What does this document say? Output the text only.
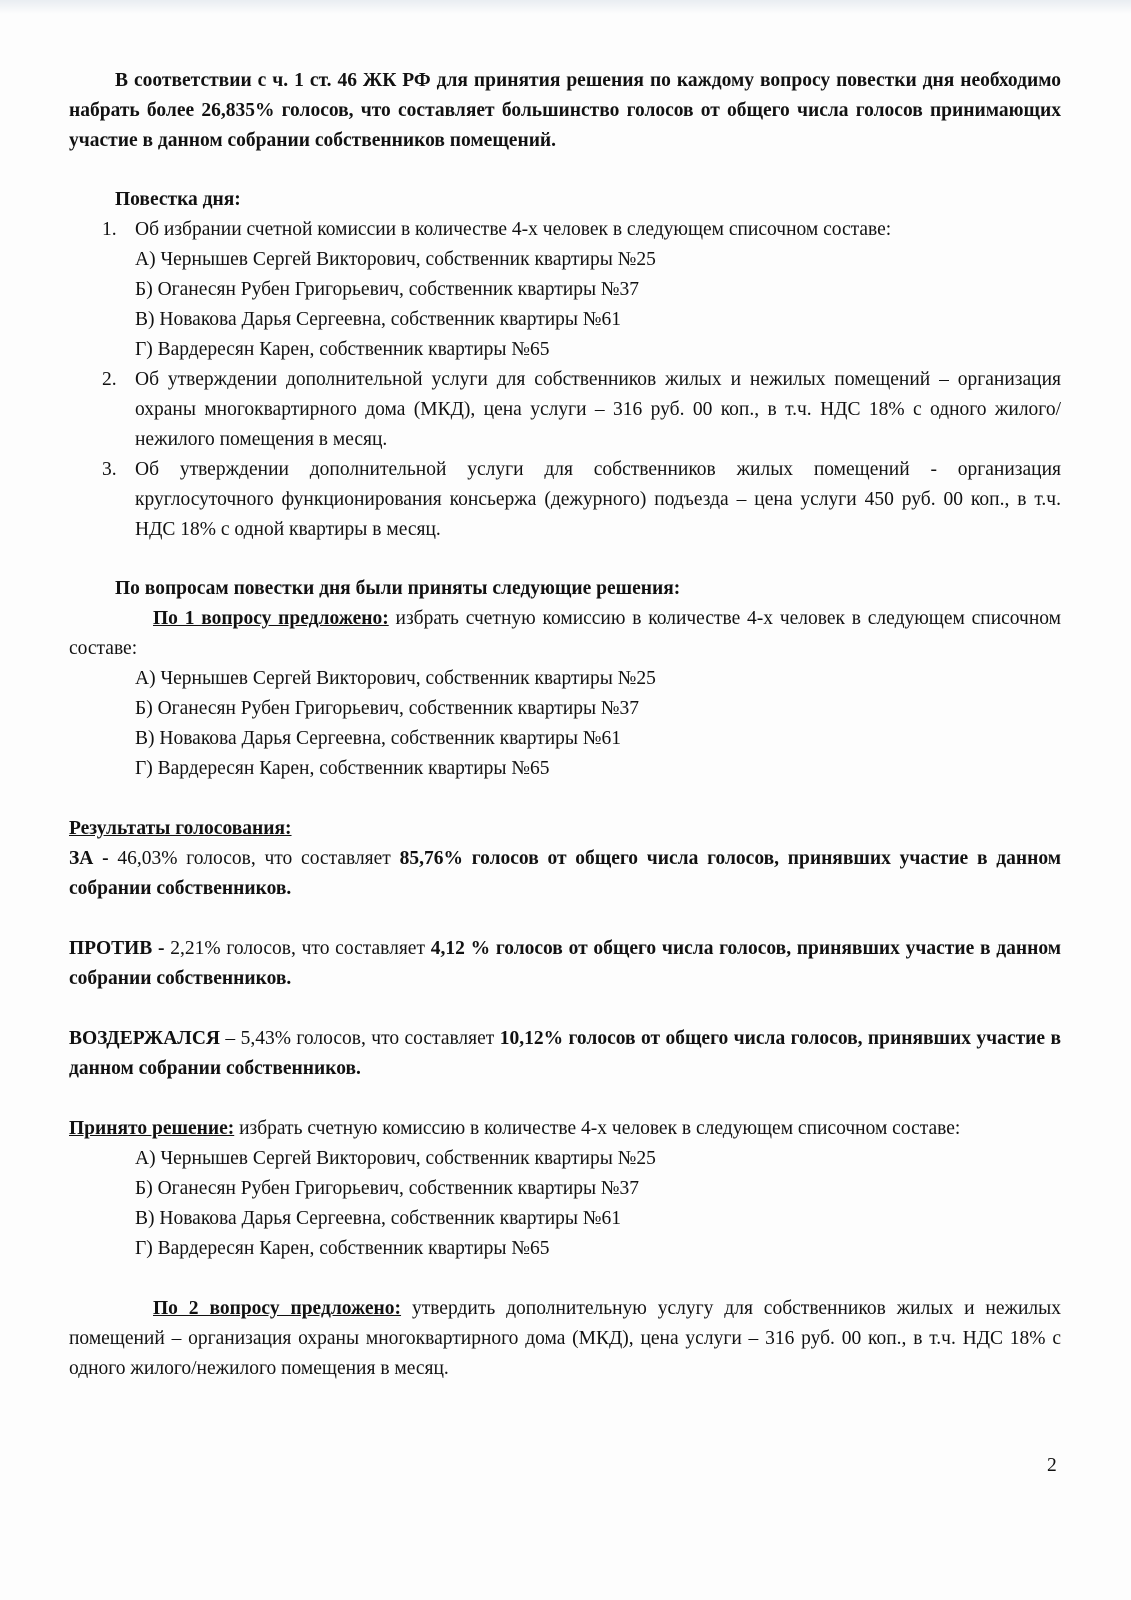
В соответствии с ч. 1 ст. 46 ЖК РФ для принятия решения по каждому вопросу повестки дня необходимо набрать более 26,835% голосов, что составляет большинство голосов от общего числа голосов принимающих участие в данном собрании собственников помещений.

Повестка дня:

1. Об избрании счетной комиссии в количестве 4-х человек в следующем списочном составе:
А) Чернышев Сергей Викторович, собственник квартиры №25
Б) Оганесян Рубен Григорьевич, собственник квартиры №37
В) Новакова Дарья Сергеевна, собственник квартиры №61
Г) Вардересян Карен, собственник квартиры №65
2. Об утверждении дополнительной услуги для собственников жилых и нежилых помещений – организация охраны многоквартирного дома (МКД), цена услуги – 316 руб. 00 коп., в т.ч. НДС 18% с одного жилого/нежилого помещения в месяц.
3. Об утверждении дополнительной услуги для собственников жилых помещений - организация круглосуточного функционирования консьержа (дежурного) подъезда – цена услуги 450 руб. 00 коп., в т.ч. НДС 18% с одной квартиры в месяц.

По вопросам повестки дня были приняты следующие решения:

По 1 вопросу предложено: избрать счетную комиссию в количестве 4-х человек в следующем списочном составе:

А) Чернышев Сергей Викторович, собственник квартиры №25
Б) Оганесян Рубен Григорьевич, собственник квартиры №37
В) Новакова Дарья Сергеевна, собственник квартиры №61
Г) Вардересян Карен, собственник квартиры №65

Результаты голосования:

ЗА - 46,03% голосов, что составляет 85,76% голосов от общего числа голосов, принявших участие в данном собрании собственников.

ПРОТИВ - 2,21% голосов, что составляет 4,12 % голосов от общего числа голосов, принявших участие в данном собрании собственников.

ВОЗДЕРЖАЛСЯ – 5,43% голосов, что составляет 10,12% голосов от общего числа голосов, принявших участие в данном собрании собственников.

Принято решение: избрать счетную комиссию в количестве 4-х человек в следующем списочном составе:

А) Чернышев Сергей Викторович, собственник квартиры №25
Б) Оганесян Рубен Григорьевич, собственник квартиры №37
В) Новакова Дарья Сергеевна, собственник квартиры №61
Г) Вардересян Карен, собственник квартиры №65

По 2 вопросу предложено: утвердить дополнительную услугу для собственников жилых и нежилых помещений – организация охраны многоквартирного дома (МКД), цена услуги – 316 руб. 00 коп., в т.ч. НДС 18% с одного жилого/нежилого помещения в месяц.

2
